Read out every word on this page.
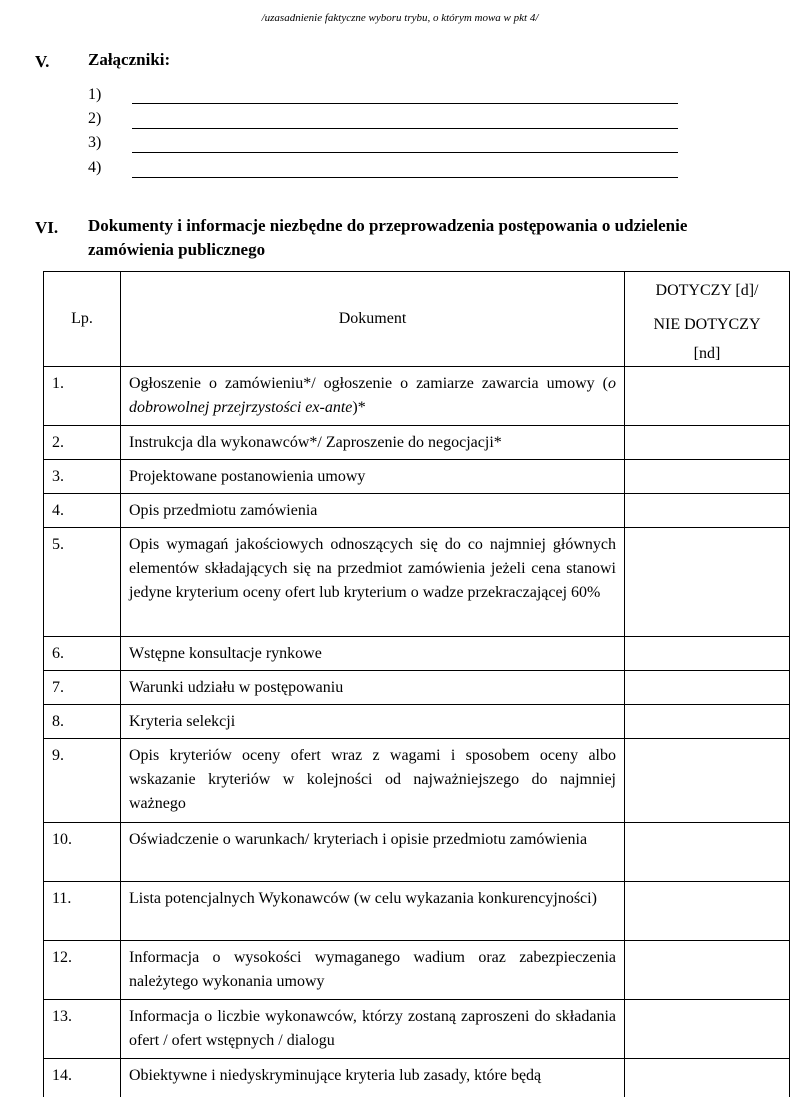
/uzasadnienie faktyczne wyboru trybu, o którym mowa w pkt 4/
V. Załączniki:
1)
2)
3)
4)
VI. Dokumenty i informacje niezbędne do przeprowadzenia postępowania o udzielenie
zamówienia publicznego
Lp.	Dokument	DOTYCZY [d]/
NIE DOTYCZY
[nd]

1.	Ogłoszenie o zamówieniu*/ ogłoszenie o zamiarze zawarcia umowy (o dobrowolnej przejrzystości ex-ante)*	
2.	Instrukcja dla wykonawców*/ Zaproszenie do negocjacji*	
3.	Projektowane postanowienia umowy	
4.	Opis przedmiotu zamówienia	
5.	Opis wymagań jakościowych odnoszących się do co najmniej głównych elementów składających się na przedmiot zamówienia jeżeli cena stanowi jedyne kryterium oceny ofert lub kryterium o wadze przekraczającej 60%	
6.	Wstępne konsultacje rynkowe	
7.	Warunki udziału w postępowaniu	
8.	Kryteria selekcji	
9.	Opis kryteriów oceny ofert wraz z wagami i sposobem oceny albo wskazanie kryteriów w kolejności od najważniejszego do najmniej ważnego	
10.	Oświadczenie o warunkach/ kryteriach i opisie przedmiotu zamówienia	
11.	Lista potencjalnych Wykonawców (w celu wykazania konkurencyjności)	
12.	Informacja o wysokości wymaganego wadium oraz zabezpieczenia należytego wykonania umowy	
13.	Informacja o liczbie wykonawców, którzy zostaną zaproszeni do składania ofert / ofert wstępnych / dialogu	
14.	Obiektywne i niedyskryminujące kryteria lub zasady, które będą	
